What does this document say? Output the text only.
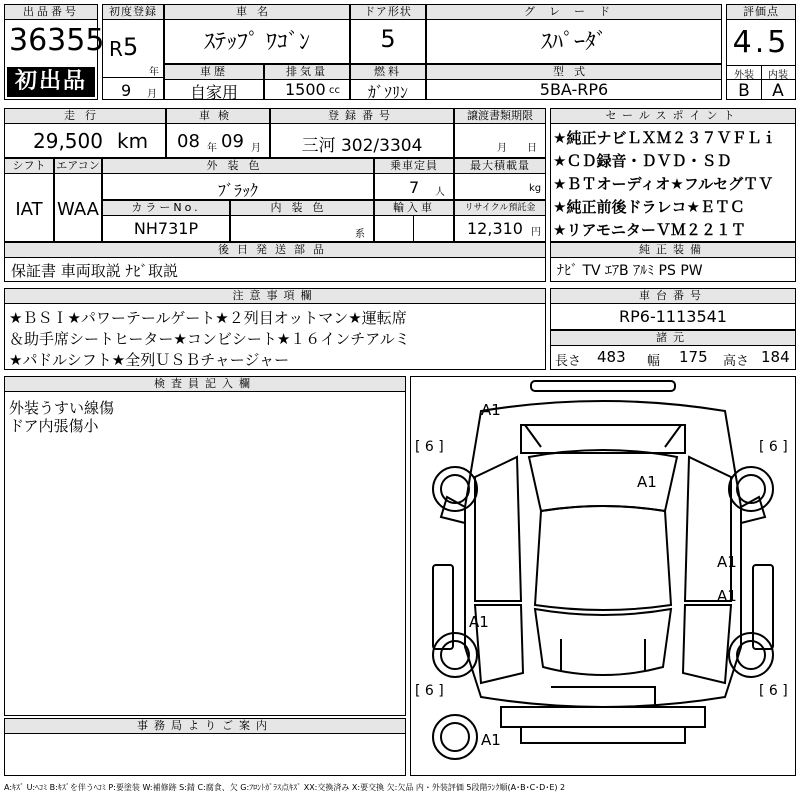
出品番号
36355
初出品
初度登録
R 5
年
9 月
車名
ｽﾃｯﾌﾟ ﾜｺﾞﾝ
ドア形状
5
グレード
ｽﾊﾟｰﾀﾞ
評価点
4.5
外装	内装
B	A
車歴
自家用
排気量
1500 cc
燃料
ｶﾞｿﾘﾝ
型式
5BA-RP6
走行
29,500 km
車検
08 年 09 月
登録番号
三河 302/3304
譲渡書類期限
月 日
シフト
IAT
エアコン
WAA
外装色
ﾌﾞﾗｯｸ
乗車定員
7 人
最大積載量
kg
カラーNo.
NH731P
内装色
系
輸入車	リサイクル預託金
12,310 円
後日発送部品
保証書 車両取説 ﾅﾋﾞ取説
セールスポイント
★純正ナビＬＸＭ２３７ＶＦＬｉ
★ＣＤ録音・ＤＶＤ・ＳＤ
★ＢＴオーディオ★フルセグＴＶ
★純正前後ドラレコ★ＥＴＣ
★リアモニターＶＭ２２１Ｔ
純正装備
ﾅﾋﾞ TV ｴｱB ｱﾙﾐ PS PW
注意事項欄
★ＢＳＩ★パワーテールゲート★２列目オットマン★運転席
＆助手席シートヒーター★コンビシート★１６インチアルミ
★パドルシフト★全列ＵＳＢチャージャー
車台番号
RP6-1113541
諸元
長さ 483 幅 175 高さ 184
検査員記入欄
外装うすい線傷
ドア内張傷小
事務局よりご案内
A1
A1
A1
A1
A1
A1
[ 6 ]	[ 6 ]
[ 6 ]	[ 6 ]
A:ｷｽﾞ U:ﾍｺﾐ B:ｷｽﾞを伴うﾍｺﾐ P:要塗装 W:補修跡 S:錆 C:腐食、欠 G:ﾌﾛﾝﾄｶﾞﾗｽ点ｷｽﾞ XX:交換済み X:要交換 欠:欠品 内・外装評価 5段階ﾗﾝｸ順(A･B･C･D･E) 2
